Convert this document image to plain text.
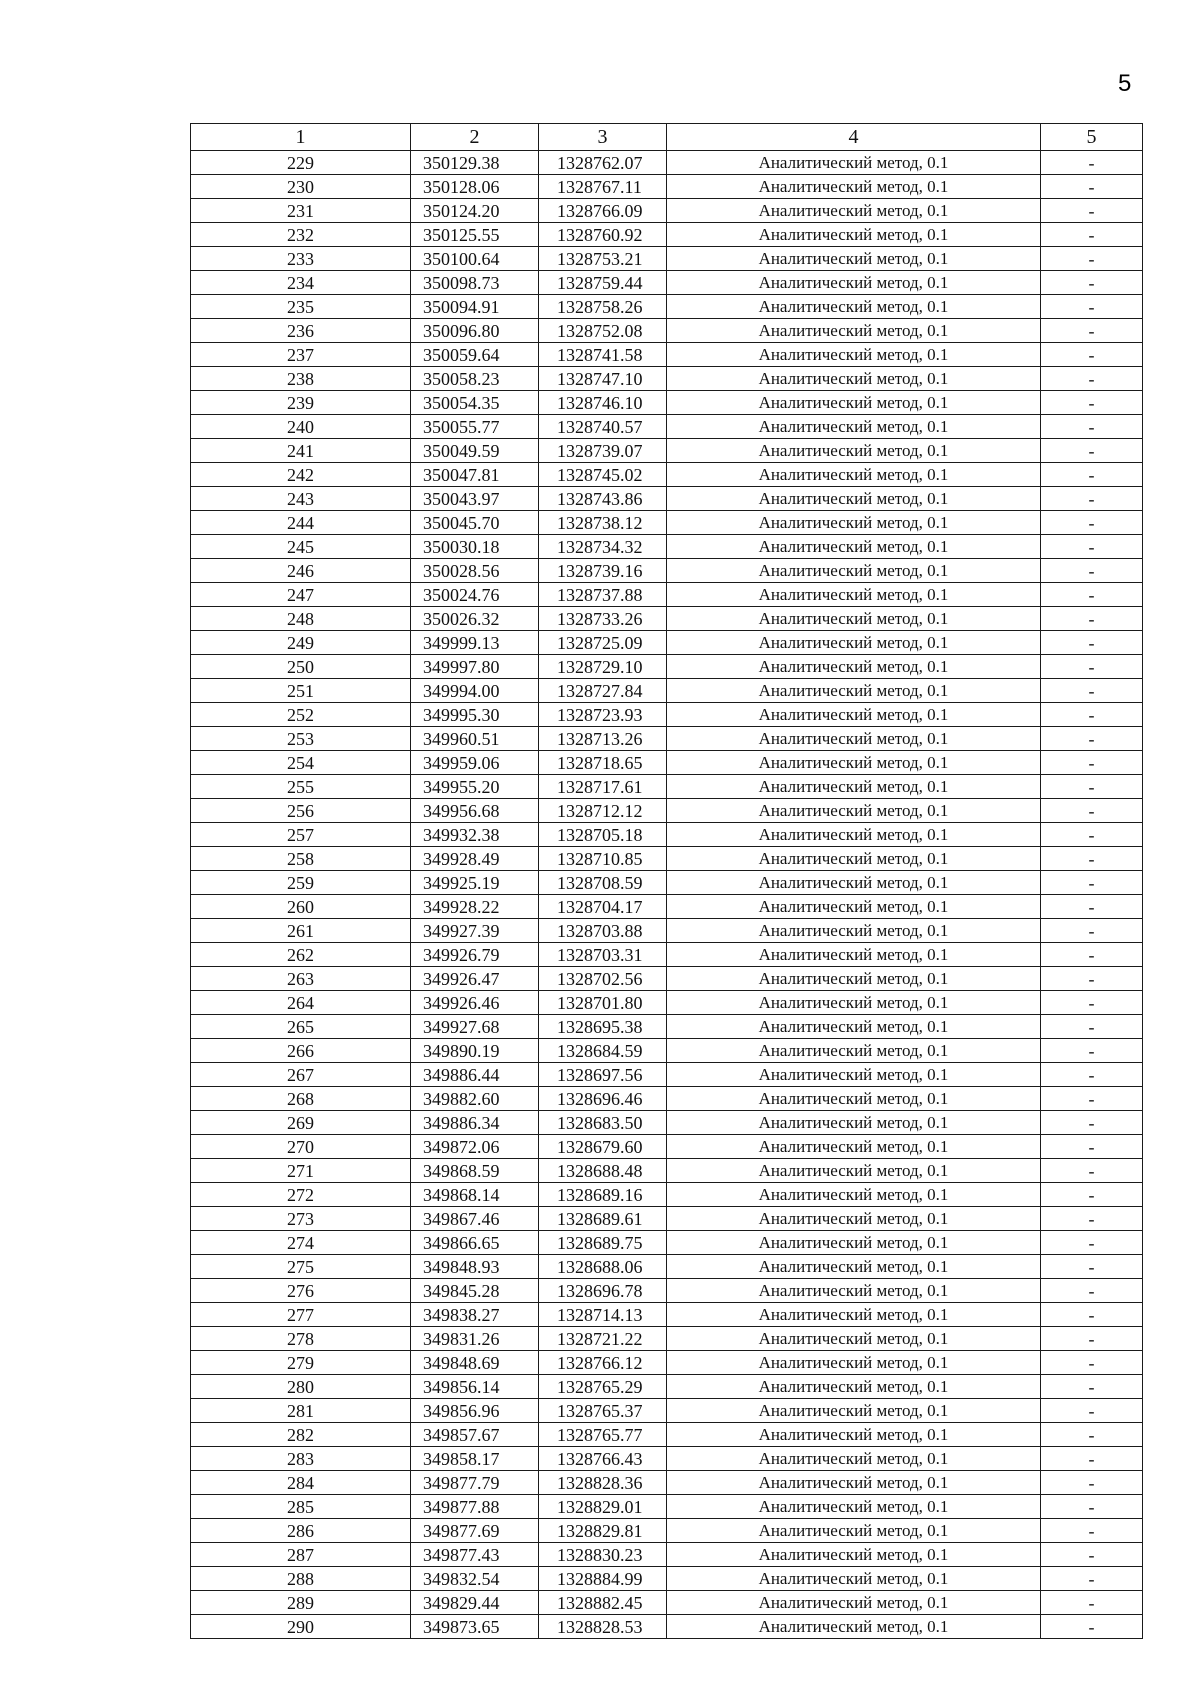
5
1	2	3	4	5
229	350129.38	1328762.07	Аналитический метод, 0.1	-
230	350128.06	1328767.11	Аналитический метод, 0.1	-
231	350124.20	1328766.09	Аналитический метод, 0.1	-
232	350125.55	1328760.92	Аналитический метод, 0.1	-
233	350100.64	1328753.21	Аналитический метод, 0.1	-
234	350098.73	1328759.44	Аналитический метод, 0.1	-
235	350094.91	1328758.26	Аналитический метод, 0.1	-
236	350096.80	1328752.08	Аналитический метод, 0.1	-
237	350059.64	1328741.58	Аналитический метод, 0.1	-
238	350058.23	1328747.10	Аналитический метод, 0.1	-
239	350054.35	1328746.10	Аналитический метод, 0.1	-
240	350055.77	1328740.57	Аналитический метод, 0.1	-
241	350049.59	1328739.07	Аналитический метод, 0.1	-
242	350047.81	1328745.02	Аналитический метод, 0.1	-
243	350043.97	1328743.86	Аналитический метод, 0.1	-
244	350045.70	1328738.12	Аналитический метод, 0.1	-
245	350030.18	1328734.32	Аналитический метод, 0.1	-
246	350028.56	1328739.16	Аналитический метод, 0.1	-
247	350024.76	1328737.88	Аналитический метод, 0.1	-
248	350026.32	1328733.26	Аналитический метод, 0.1	-
249	349999.13	1328725.09	Аналитический метод, 0.1	-
250	349997.80	1328729.10	Аналитический метод, 0.1	-
251	349994.00	1328727.84	Аналитический метод, 0.1	-
252	349995.30	1328723.93	Аналитический метод, 0.1	-
253	349960.51	1328713.26	Аналитический метод, 0.1	-
254	349959.06	1328718.65	Аналитический метод, 0.1	-
255	349955.20	1328717.61	Аналитический метод, 0.1	-
256	349956.68	1328712.12	Аналитический метод, 0.1	-
257	349932.38	1328705.18	Аналитический метод, 0.1	-
258	349928.49	1328710.85	Аналитический метод, 0.1	-
259	349925.19	1328708.59	Аналитический метод, 0.1	-
260	349928.22	1328704.17	Аналитический метод, 0.1	-
261	349927.39	1328703.88	Аналитический метод, 0.1	-
262	349926.79	1328703.31	Аналитический метод, 0.1	-
263	349926.47	1328702.56	Аналитический метод, 0.1	-
264	349926.46	1328701.80	Аналитический метод, 0.1	-
265	349927.68	1328695.38	Аналитический метод, 0.1	-
266	349890.19	1328684.59	Аналитический метод, 0.1	-
267	349886.44	1328697.56	Аналитический метод, 0.1	-
268	349882.60	1328696.46	Аналитический метод, 0.1	-
269	349886.34	1328683.50	Аналитический метод, 0.1	-
270	349872.06	1328679.60	Аналитический метод, 0.1	-
271	349868.59	1328688.48	Аналитический метод, 0.1	-
272	349868.14	1328689.16	Аналитический метод, 0.1	-
273	349867.46	1328689.61	Аналитический метод, 0.1	-
274	349866.65	1328689.75	Аналитический метод, 0.1	-
275	349848.93	1328688.06	Аналитический метод, 0.1	-
276	349845.28	1328696.78	Аналитический метод, 0.1	-
277	349838.27	1328714.13	Аналитический метод, 0.1	-
278	349831.26	1328721.22	Аналитический метод, 0.1	-
279	349848.69	1328766.12	Аналитический метод, 0.1	-
280	349856.14	1328765.29	Аналитический метод, 0.1	-
281	349856.96	1328765.37	Аналитический метод, 0.1	-
282	349857.67	1328765.77	Аналитический метод, 0.1	-
283	349858.17	1328766.43	Аналитический метод, 0.1	-
284	349877.79	1328828.36	Аналитический метод, 0.1	-
285	349877.88	1328829.01	Аналитический метод, 0.1	-
286	349877.69	1328829.81	Аналитический метод, 0.1	-
287	349877.43	1328830.23	Аналитический метод, 0.1	-
288	349832.54	1328884.99	Аналитический метод, 0.1	-
289	349829.44	1328882.45	Аналитический метод, 0.1	-
290	349873.65	1328828.53	Аналитический метод, 0.1	-
